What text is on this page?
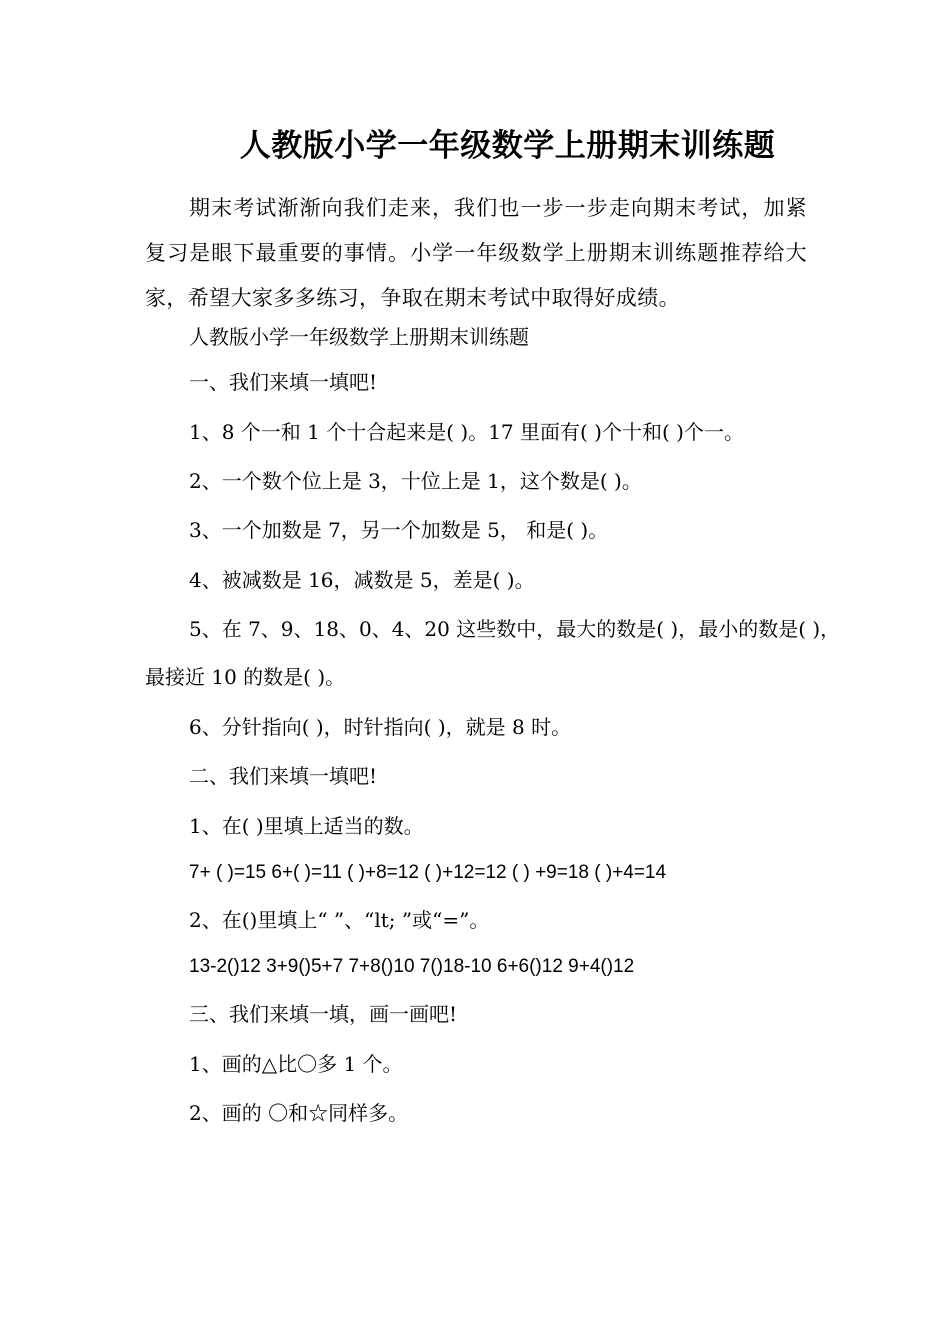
人教版小学一年级数学上册期末训练题
期末考试渐渐向我们走来，我们也一步一步走向期末考试，加紧复习是眼下最重要的事情。小学一年级数学上册期末训练题推荐给大家，希望大家多多练习，争取在期末考试中取得好成绩。
人教版小学一年级数学上册期末训练题
一、我们来填一填吧!
1、8 个一和 1 个十合起来是( )。17 里面有( )个十和( )个一。
2、一个数个位上是 3，十位上是 1，这个数是( )。
3、一个加数是 7，另一个加数是 5， 和是( )。
4、被减数是 16，减数是 5，差是( )。
5、在 7、9、18、0、4、20 这些数中，最大的数是( )，最小的数是( )，
最接近 10 的数是( )。
6、分针指向( )，时针指向( )，就是 8 时。
二、我们来填一填吧!
1、在( )里填上适当的数。
7+ ( )=15 6+( )=11 ( )+8=12 ( )+12=12 ( ) +9=18 ( )+4=14
2、在()里填上“ ”、“lt; ”或“=”。
13-2()12 3+9()5+7 7+8()10 7()18-10 6+6()12 9+4()12
三、我们来填一填，画一画吧!
1、画的△比〇多 1 个。
2、画的 〇和☆同样多。
